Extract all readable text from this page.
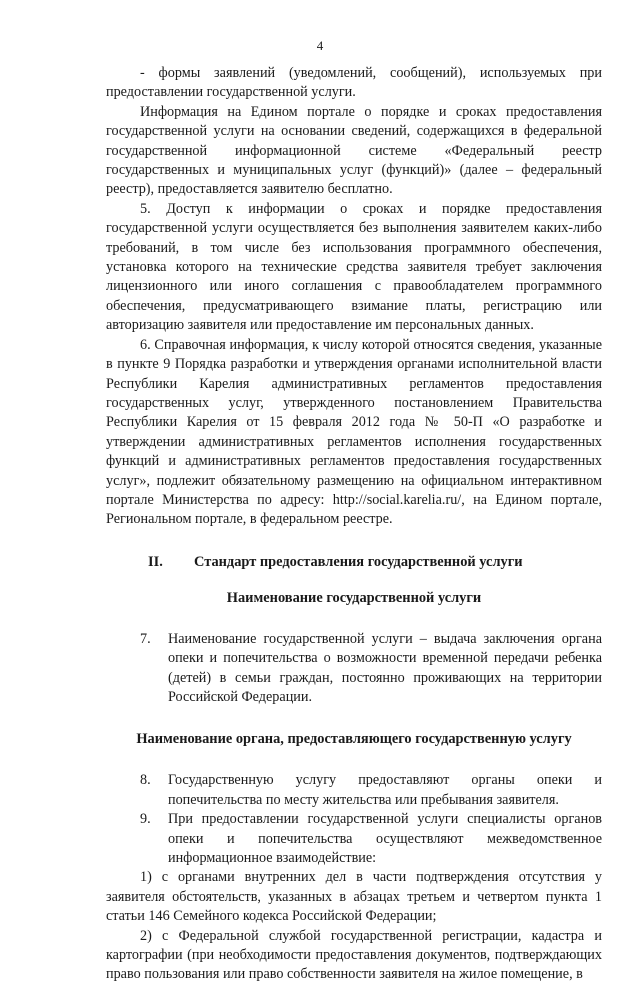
4

- формы заявлений (уведомлений, сообщений), используемых при предоставлении государственной услуги.

Информация на Едином портале о порядке и сроках предоставления государственной услуги на основании сведений, содержащихся в федеральной государственной информационной системе «Федеральный реестр государственных и муниципальных услуг (функций)» (далее – федеральный реестр), предоставляется заявителю бесплатно.

5. Доступ к информации о сроках и порядке предоставления государственной услуги осуществляется без выполнения заявителем каких-либо требований, в том числе без использования программного обеспечения, установка которого на технические средства заявителя требует заключения лицензионного или иного соглашения с правообладателем программного обеспечения, предусматривающего взимание платы, регистрацию или авторизацию заявителя или предоставление им персональных данных.

6. Справочная информация, к числу которой относятся сведения, указанные в пункте 9 Порядка разработки и утверждения органами исполнительной власти Республики Карелия административных регламентов предоставления государственных услуг, утвержденного постановлением Правительства Республики Карелия от 15 февраля 2012 года № 50-П «О разработке и утверждении административных регламентов исполнения государственных функций и административных регламентов предоставления государственных услуг», подлежит обязательному размещению на официальном интерактивном портале Министерства по адресу: http://social.karelia.ru/, на Едином портале, Региональном портале, в федеральном реестре.

II.	Стандарт предоставления государственной услуги

Наименование государственной услуги

7.	Наименование государственной услуги – выдача заключения органа опеки и попечительства о возможности временной передачи ребенка (детей) в семьи граждан, постоянно проживающих на территории Российской Федерации.

Наименование органа, предоставляющего государственную услугу

8.	Государственную услугу предоставляют органы опеки и попечительства по месту жительства или пребывания заявителя.
9.	При предоставлении государственной услуги специалисты органов опеки и попечительства осуществляют межведомственное информационное взаимодействие:

1) с органами внутренних дел в части подтверждения отсутствия у заявителя обстоятельств, указанных в абзацах третьем и четвертом пункта 1 статьи 146 Семейного кодекса Российской Федерации;

2) с Федеральной службой государственной регистрации, кадастра и картографии (при необходимости предоставления документов, подтверждающих право пользования или право собственности заявителя на жилое помещение, в
